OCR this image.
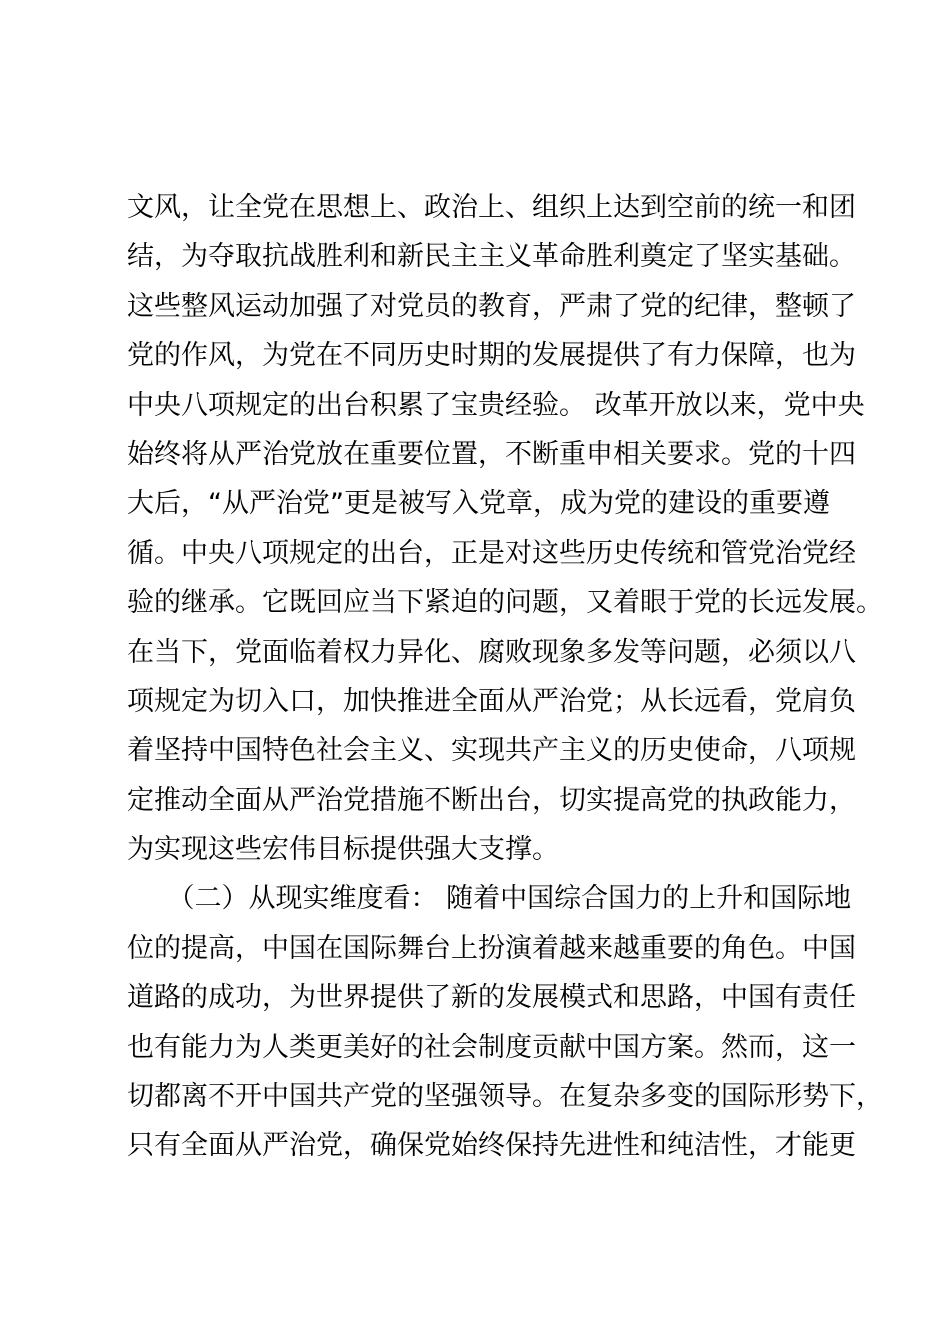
文风，让全党在思想上、政治上、组织上达到空前的统一和团
结，为夺取抗战胜利和新民主主义革命胜利奠定了坚实基础。
这些整风运动加强了对党员的教育，严肃了党的纪律，整顿了
党的作风，为党在不同历史时期的发展提供了有力保障，也为
中央八项规定的出台积累了宝贵经验。 改革开放以来，党中央
始终将从严治党放在重要位置，不断重申相关要求。党的十四
大后，“从严治党”更是被写入党章，成为党的建设的重要遵
循。中央八项规定的出台，正是对这些历史传统和管党治党经
验的继承。它既回应当下紧迫的问题，又着眼于党的长远发展。
在当下，党面临着权力异化、腐败现象多发等问题，必须以八
项规定为切入口，加快推进全面从严治党；从长远看，党肩负
着坚持中国特色社会主义、实现共产主义的历史使命，八项规
定推动全面从严治党措施不断出台，切实提高党的执政能力，
为实现这些宏伟目标提供强大支撑。
　　（二）从现实维度看： 随着中国综合国力的上升和国际地
位的提高，中国在国际舞台上扮演着越来越重要的角色。中国
道路的成功，为世界提供了新的发展模式和思路，中国有责任
也有能力为人类更美好的社会制度贡献中国方案。然而，这一
切都离不开中国共产党的坚强领导。在复杂多变的国际形势下，
只有全面从严治党，确保党始终保持先进性和纯洁性，才能更
